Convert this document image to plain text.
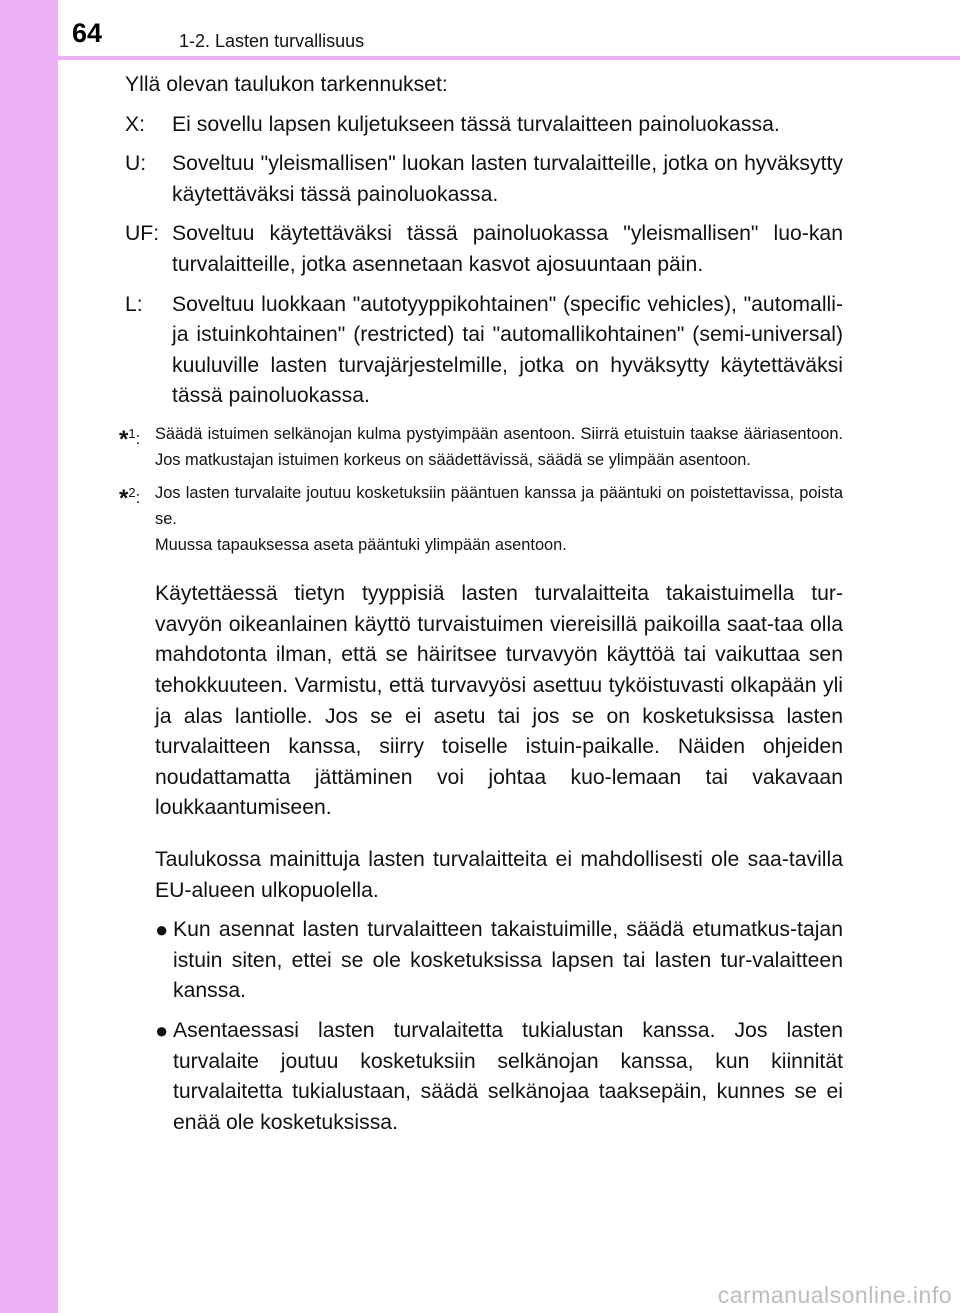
64	1-2. Lasten turvallisuus

Yllä olevan taulukon tarkennukset:

X:	Ei sovellu lapsen kuljetukseen tässä turvalaitteen painoluokassa.
U:	Soveltuu "yleismallisen" luokan lasten turvalaitteille, jotka on hyväksytty käytettäväksi tässä painoluokassa.
UF: Soveltuu käytettäväksi tässä painoluokassa "yleismallisen" luo-kan turvalaitteille, jotka asennetaan kasvot ajosuuntaan päin.
L:	Soveltuu luokkaan "autotyyppikohtainen" (specific vehicles), "automalli- ja istuinkohtainen" (restricted) tai "automallikohtainen" (semi-universal) kuuluville lasten turvajärjestelmille, jotka on hyväksytty käytettäväksi tässä painoluokassa.
*$^1$: Säädä istuimen selkänojan kulma pystyimpään asentoon. Siirrä etuistuin taakse ääriasentoon. Jos matkustajan istuimen korkeus on säädettävissä, säädä se ylimpään asentoon.
*$^2$: Jos lasten turvalaite joutuu kosketuksiin pääntuen kanssa ja pääntuki on poistettavissa, poista se.
Muussa tapauksessa aseta pääntuki ylimpään asentoon.

Käytettäessä tietyn tyyppisiä lasten turvalaitteita takaistuimella tur-vavyön oikeanlainen käyttö turvaistuimen viereisillä paikoilla saat-taa olla mahdotonta ilman, että se häiritsee turvavyön käyttöä tai vaikuttaa sen tehokkuuteen. Varmistu, että turvavyösi asettuu tyköistuvasti olkapään yli ja alas lantiolle. Jos se ei asetu tai jos se on kosketuksissa lasten turvalaitteen kanssa, siirry toiselle istuin-paikalle. Näiden ohjeiden noudattamatta jättäminen voi johtaa kuo-lemaan tai vakavaan loukkaantumiseen.

Taulukossa mainittuja lasten turvalaitteita ei mahdollisesti ole saa-tavilla EU-alueen ulkopuolella.

● Kun asennat lasten turvalaitteen takaistuimille, säädä etumatkus-tajan istuin siten, ettei se ole kosketuksissa lapsen tai lasten tur-valaitteen kanssa.
● Asentaessasi lasten turvalaitetta tukialustan kanssa. Jos lasten turvalaite joutuu kosketuksiin selkänojan kanssa, kun kiinnität turvalaitetta tukialustaan, säädä selkänojaa taaksepäin, kunnes se ei enää ole kosketuksissa.
carmanualsonline.info
